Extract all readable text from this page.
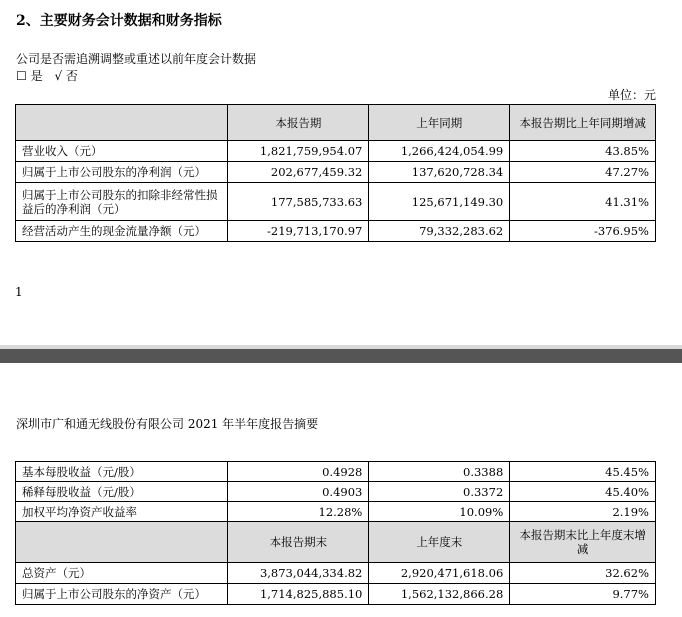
2、主要财务会计数据和财务指标
公司是否需追溯调整或重述以前年度会计数据
☐ 是 √ 否
单位：元
	本报告期	上年同期	本报告期比上年同期增减
营业收入（元）	1,821,759,954.07	1,266,424,054.99	43.85%
归属于上市公司股东的净利润（元）	202,677,459.32	137,620,728.34	47.27%
归属于上市公司股东的扣除非经常性损益后的净利润（元）	177,585,733.63	125,671,149.30	41.31%
经营活动产生的现金流量净额（元）	-219,713,170.97	79,332,283.62	-376.95%
1
深圳市广和通无线股份有限公司 2021 年半年度报告摘要
基本每股收益（元/股）	0.4928	0.3388	45.45%
稀释每股收益（元/股）	0.4903	0.3372	45.40%
加权平均净资产收益率	12.28%	10.09%	2.19%
	本报告期末	上年度末	本报告期末比上年度末增减
总资产（元）	3,873,044,334.82	2,920,471,618.06	32.62%
归属于上市公司股东的净资产（元）	1,714,825,885.10	1,562,132,866.28	9.77%
